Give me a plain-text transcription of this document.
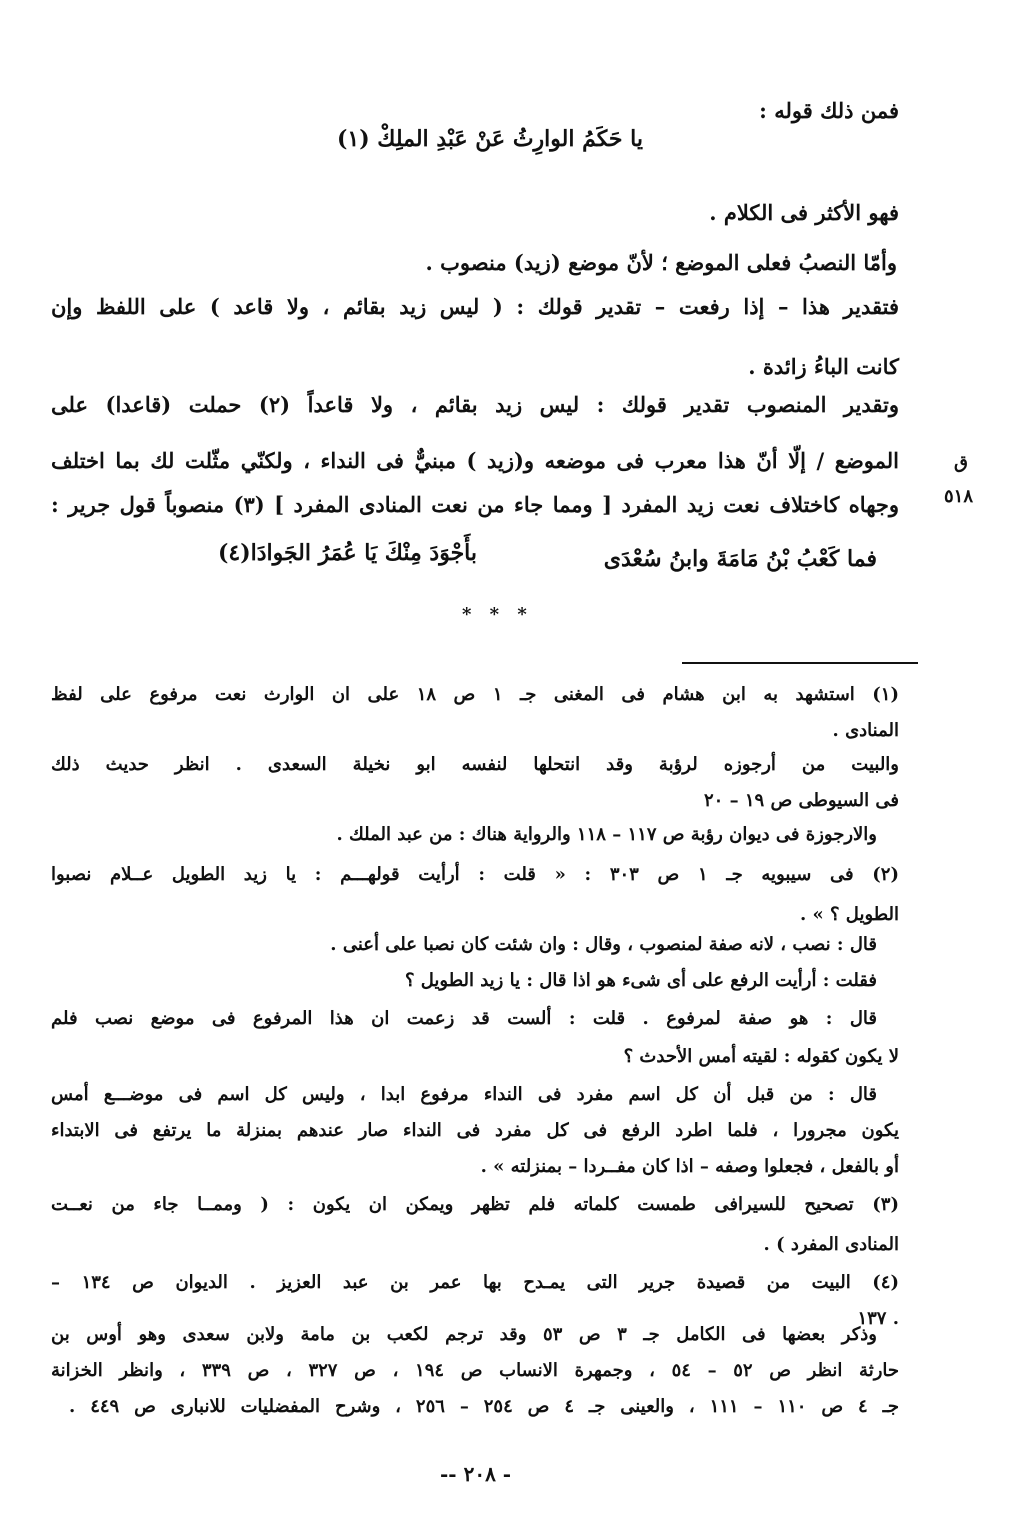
فمن ذلك قوله :
يا حَكَمُ الوارِثُ عَنْ عَبْدِ الملِكْ (١)
فهو الأكثر فى الكلام .
وأمّا النصبُ فعلى الموضع ؛ لأنّ موضع (زيد) منصوب .
فتقدير هذا – إذا رفعت – تقدير قولك : ( ليس زيد بقائم ، ولا قاعد ) على اللفظ وإن
كانت الباءُ زائدة .
وتقدير المنصوب تقدير قولك : ليس زيد بقائم ، ولا قاعداً (٢) حملت (قاعدا) على
الموضع / إلّا أنّ هذا معرب فى موضعه و(زيد ) مبنيٌّ فى النداء ، ولكنّي مثّلت لك بما اختلف
وجهاه كاختلاف نعت زيد المفرد [ ومما جاء من نعت المنادى المفرد ] (٣) منصوباً قول جرير :
فما كَعْبُ بْنُ مَامَةَ وابنُ سُعْدَى
بأَجْوَدَ مِنْكَ يَا عُمَرُ الجَوادَا(٤)
* * *
ق
٥١٨
(١) استشهد به ابن هشام فى المغنى جـ ١ ص ١٨ على ان الوارث نعت مرفوع على لفظ
المنادى .
والبيت من أرجوزه لرؤبة وقد انتحلها لنفسه ابو نخيلة السعدى . انظر حديث ذلك
فى السيوطى ص ١٩ – ٢٠
والارجوزة فى ديوان رؤبة ص ١١٧ – ١١٨ والرواية هناك : من عبد الملك .
(٢) فى سيبويه جـ ١ ص ٣٠٣ : « قلت : أرأيت قولهـــم : يا زيد الطويل عــلام نصبوا
الطويل ؟ » .
قال : نصب ، لانه صفة لمنصوب ، وقال : وان شئت كان نصبا على أعنى .
فقلت : أرأيت الرفع على أى شىء هو اذا قال : يا زيد الطويل ؟
قال : هو صفة لمرفوع . قلت : ألست قد زعمت ان هذا المرفوع فى موضع نصب فلم
لا يكون كقوله : لقيته أمس الأحدث ؟
قال : من قبل أن كل اسم مفرد فى النداء مرفوع ابدا ، وليس كل اسم فى موضـــع أمس
يكون مجرورا ، فلما اطرد الرفع فى كل مفرد فى النداء صار عندهم بمنزلة ما يرتفع فى الابتداء
أو بالفعل ، فجعلوا وصفه – اذا كان مفــردا – بمنزلته » .
(٣) تصحيح للسيرافى طمست كلماته فلم تظهر ويمكن ان يكون : ( وممــا جاء من نعــت
المنادى المفرد ) .
(٤) البيت من قصيدة جرير التى يمـدح بها عمر بن عبد العزيز . الديوان ص ١٣٤ –
١٣٧ .
وذكر بعضها فى الكامل جـ ٣ ص ٥٣ وقد ترجم لكعب بن مامة ولابن سعدى وهو أوس بن
حارثة انظر ص ٥٢ – ٥٤ ، وجمهرة الانساب ص ١٩٤ ، ص ٣٢٧ ، ص ٣٣٩ ، وانظر الخزانة
جـ ٤ ص ١١٠ – ١١١ ، والعينى جـ ٤ ص ٢٥٤ – ٢٥٦ ، وشرح المفضليات للانبارى ص ٤٤٩ .
-- ٢٠٨ -
